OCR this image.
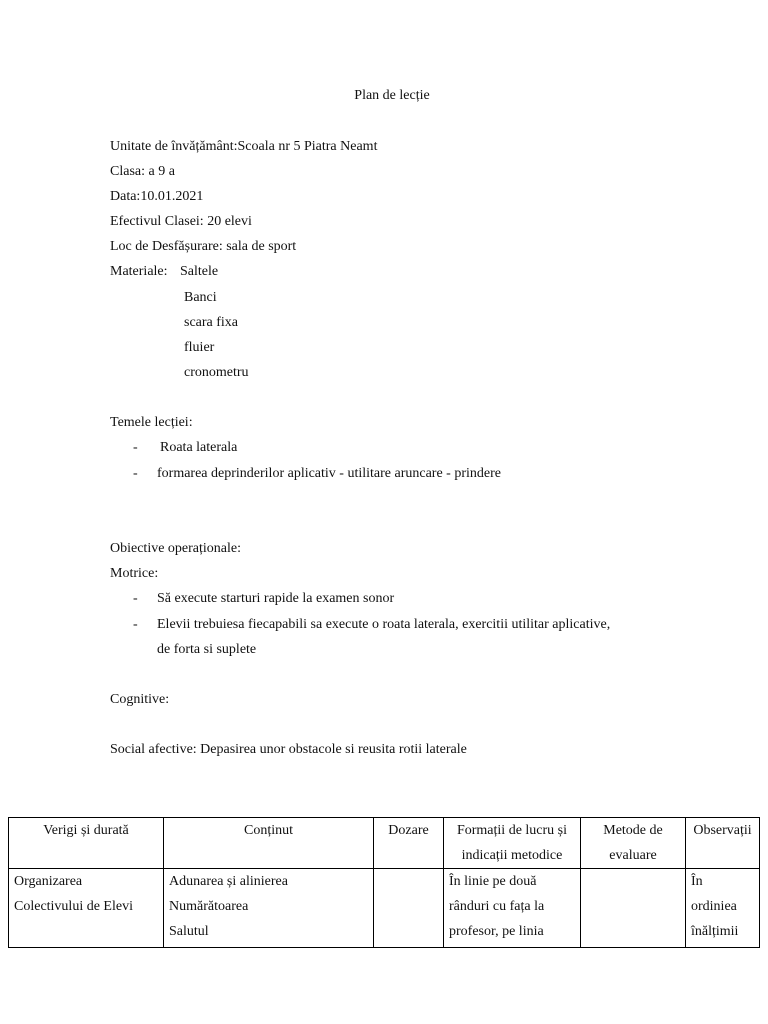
Plan de lecție
Unitate de învățământ:Scoala nr 5 Piatra Neamt
Clasa: a 9 a
Data:10.01.2021
Efectivul Clasei: 20 elevi
Loc de Desfășurare: sala de sport
Materiale: Saltele
Banci
scara fixa
fluier
cronometru
Temele lecției:
- Roata laterala
- formarea deprinderilor aplicativ - utilitare aruncare - prindere
Obiective operaționale:
Motrice:
- Să execute starturi rapide la examen sonor
- Elevii trebuiesa fiecapabili sa execute o roata laterala, exercitii utilitar aplicative,
de forta si suplete
Cognitive:
Social afective: Depasirea unor obstacole si reusita rotii laterale
Verigi și durată	Conținut	Dozare	Formații de lucru și
indicații metodice	Metode de
evaluare	Observații

Organizarea
Colectivului de Elevi	Adunarea și alinierea
Numărătoarea
Salutul		În linie pe două
rânduri cu fața la
profesor, pe linia		În
ordiniea
înălțimii
